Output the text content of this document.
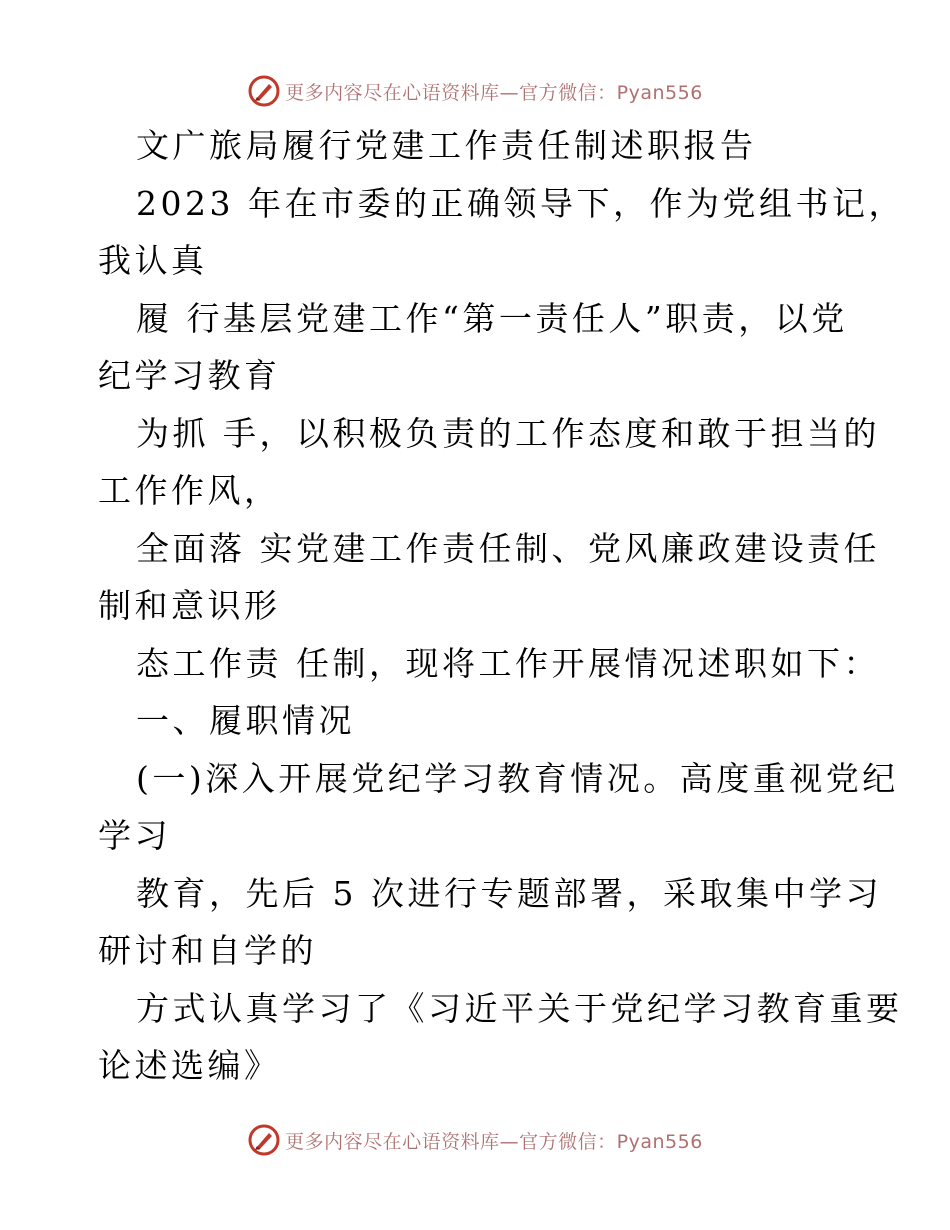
更多内容尽在心语资料库—官方微信：Pyan556
文广旅局履行党建工作责任制述职报告
2023 年在市委的正确领导下，作为党组书记，
我认真
履 行基层党建工作“第一责任人”职责，以党
纪学习教育
为抓 手，以积极负责的工作态度和敢于担当的
工作作风，
全面落 实党建工作责任制、党风廉政建设责任
制和意识形
态工作责 任制，现将工作开展情况述职如下：
一、履职情况
(一)深入开展党纪学习教育情况。高度重视党纪
学习
教育，先后 5 次进行专题部署，采取集中学习
研讨和自学的
方式认真学习了《习近平关于党纪学习教育重要
论述选编》
更多内容尽在心语资料库—官方微信：Pyan556
